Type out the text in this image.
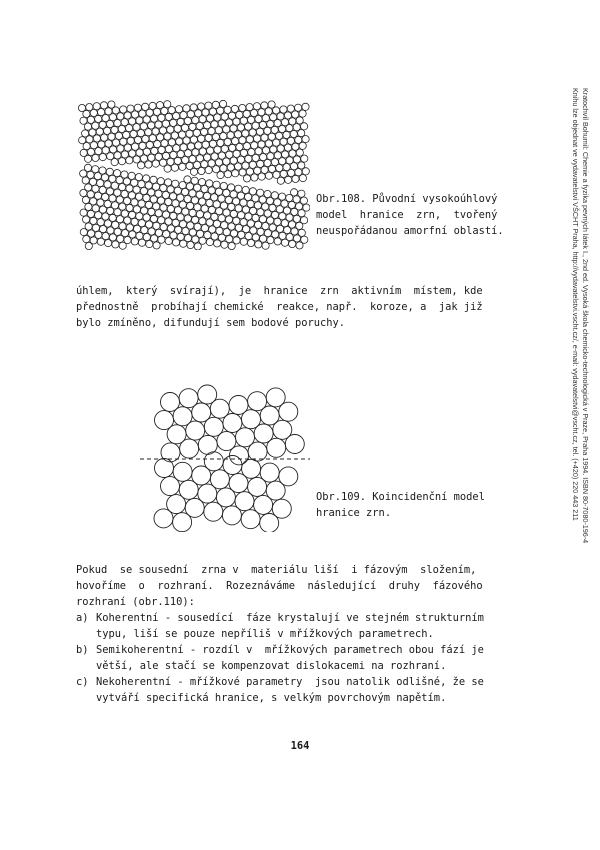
Kratochvíl Bohumil: Chemie a fyzika pevných látek I., 2nd ed. Vysoká škola chemicko-technologická v Praze, Praha 1994. ISBN 80-7080-196-4
Knihu lze objednat ve vydavatelství VŠCHT Praha, http://vydavatelstvi.vscht.cz/, e-mail: vydavatelstvi@vscht.cz, tel. (+420) 220 443 211
Obr.108. Původní vysokoúhlový
model  hranice  zrn,  tvořený
neuspořádanou amorfní oblastí.
úhlem,  který  svírají),  je  hranice  zrn  aktivním  místem, kde
přednostně  probíhají chemické  reakce, např.  koroze, a  jak již
bylo zmíněno, difundují sem bodové poruchy.
Obr.109. Koincidenční model
hranice zrn.
Pokud  se sousední  zrna v  materiálu liší  i fázovým  složením,
hovoříme  o  rozhraní.  Rozeznáváme  následující  druhy  fázového
rozhraní (obr.110):
a) Koherentní - sousedící  fáze krystalují ve stejném strukturním
typu, liší se pouze nepříliš v mřížkových parametrech.
b) Semikoherentní - rozdíl v  mřížkových parametrech obou fází je
větší, ale stačí se kompenzovat dislokacemi na rozhraní.
c) Nekoherentní - mřížkové parametry  jsou natolik odlišné, že se
vytváří specifická hranice, s velkým povrchovým napětím.
164
